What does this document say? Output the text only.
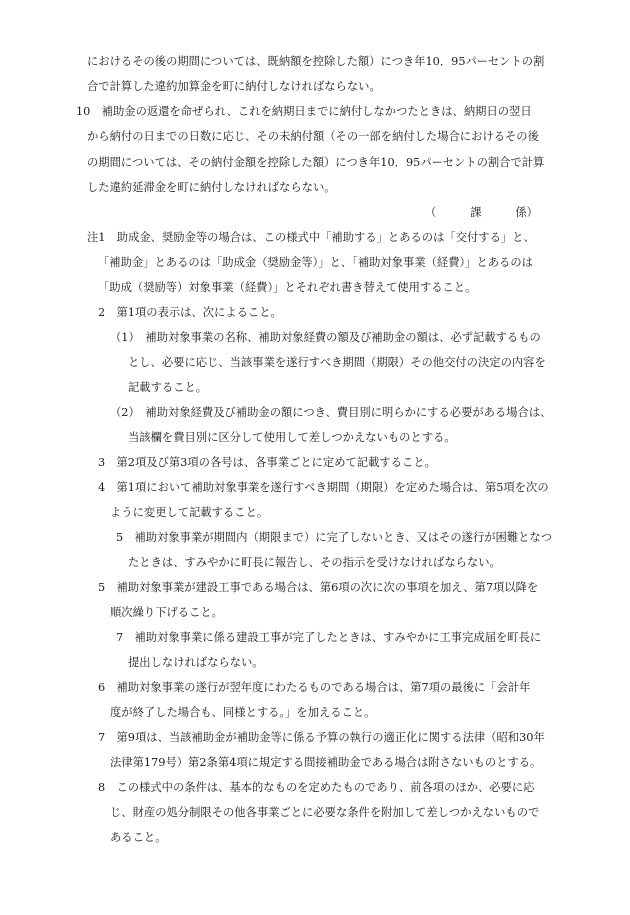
におけるその後の期間については、既納額を控除した額）につき年10．95パーセントの割
合で計算した違約加算金を町に納付しなければならない。
10　補助金の返還を命ぜられ、これを納期日までに納付しなかつたときは、納期日の翌日
から納付の日までの日数に応じ、その未納付額（その一部を納付した場合におけるその後
の期間については、その納付金額を控除した額）につき年10．95パーセントの割合で計算
した違約延滞金を町に納付しなければならない。
（　　　課　　　係）
注1　助成金、奨励金等の場合は、この様式中「補助する」とあるのは「交付する」と、
「補助金」とあるのは「助成金（奨励金等）」と、「補助対象事業（経費）」とあるのは
「助成（奨励等）対象事業（経費）」とそれぞれ書き替えて使用すること。
2　第1項の表示は、次によること。
（1）　補助対象事業の名称、補助対象経費の額及び補助金の額は、必ず記載するもの
とし、必要に応じ、当該事業を遂行すべき期間（期限）その他交付の決定の内容を
記載すること。
（2）　補助対象経費及び補助金の額につき、費目別に明らかにする必要がある場合は、
当該欄を費目別に区分して使用して差しつかえないものとする。
3　第2項及び第3項の各号は、各事業ごとに定めて記載すること。
4　第1項において補助対象事業を遂行すべき期間（期限）を定めた場合は、第5項を次の
ように変更して記載すること。
5　補助対象事業が期間内（期限まで）に完了しないとき、又はその遂行が困難となつ
たときは、すみやかに町長に報告し、その指示を受けなければならない。
5　補助対象事業が建設工事である場合は、第6項の次に次の事項を加え、第7項以降を
順次繰り下げること。
7　補助対象事業に係る建設工事が完了したときは、すみやかに工事完成届を町長に
提出しなければならない。
6　補助対象事業の遂行が翌年度にわたるものである場合は、第7項の最後に「会計年
度が終了した場合も、同様とする。」を加えること。
7　第9項は、当該補助金が補助金等に係る予算の執行の適正化に関する法律（昭和30年
法律第179号）第2条第4項に規定する間接補助金である場合は附さないものとする。
8　この様式中の条件は、基本的なものを定めたものであり、前各項のほか、必要に応
じ、財産の処分制限その他各事業ごとに必要な条件を附加して差しつかえないもので
あること。
